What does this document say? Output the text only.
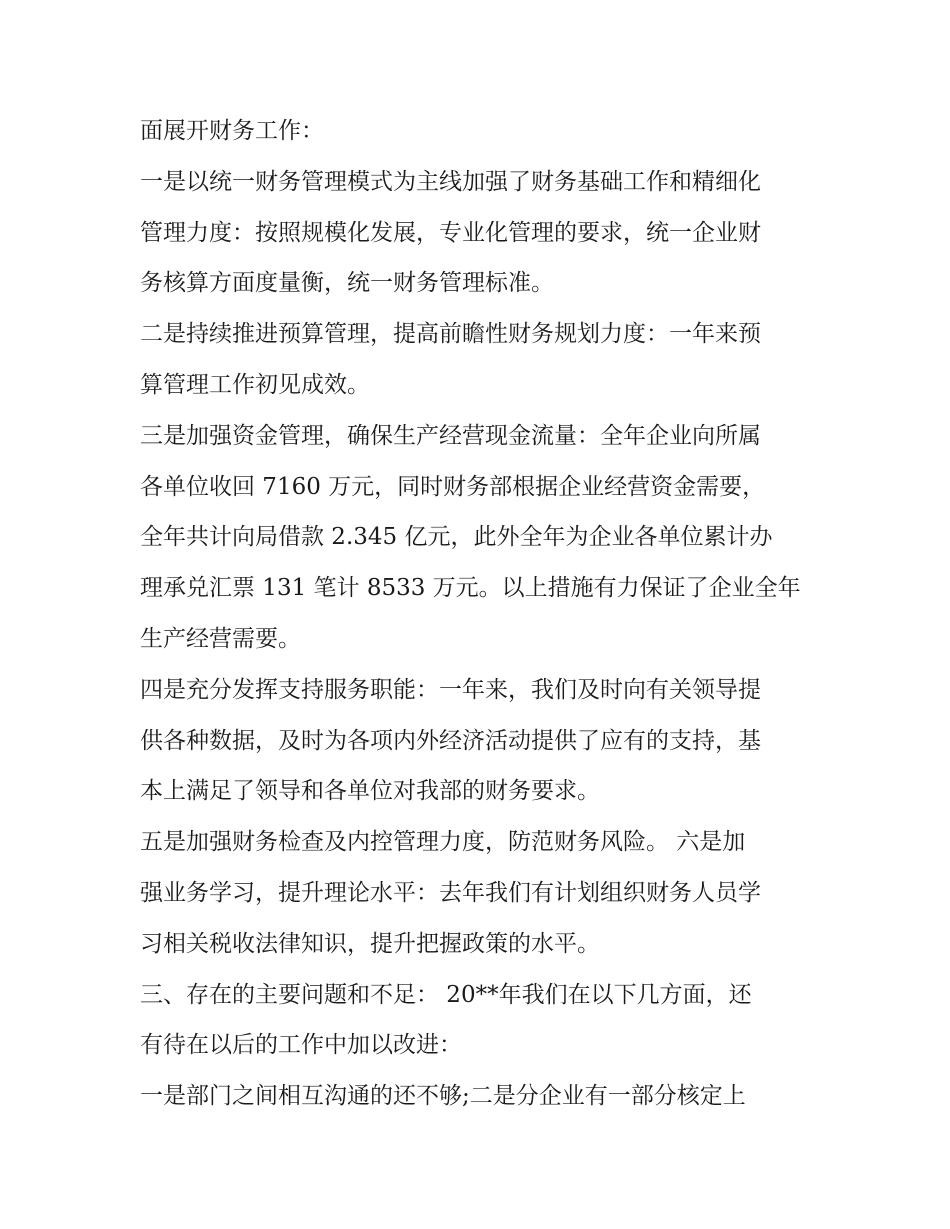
面展开财务工作：
一是以统一财务管理模式为主线加强了财务基础工作和精细化
管理力度：按照规模化发展，专业化管理的要求，统一企业财
务核算方面度量衡，统一财务管理标准。
二是持续推进预算管理，提高前瞻性财务规划力度：一年来预
算管理工作初见成效。
三是加强资金管理，确保生产经营现金流量：全年企业向所属
各单位收回 7160 万元，同时财务部根据企业经营资金需要，
全年共计向局借款 2.345 亿元，此外全年为企业各单位累计办
理承兑汇票 131 笔计 8533 万元。以上措施有力保证了企业全年
生产经营需要。
四是充分发挥支持服务职能：一年来，我们及时向有关领导提
供各种数据，及时为各项内外经济活动提供了应有的支持，基
本上满足了领导和各单位对我部的财务要求。
五是加强财务检查及内控管理力度，防范财务风险。 六是加
强业务学习，提升理论水平：去年我们有计划组织财务人员学
习相关税收法律知识，提升把握政策的水平。
三、存在的主要问题和不足： 20**年我们在以下几方面，还
有待在以后的工作中加以改进：
一是部门之间相互沟通的还不够;二是分企业有一部分核定上
